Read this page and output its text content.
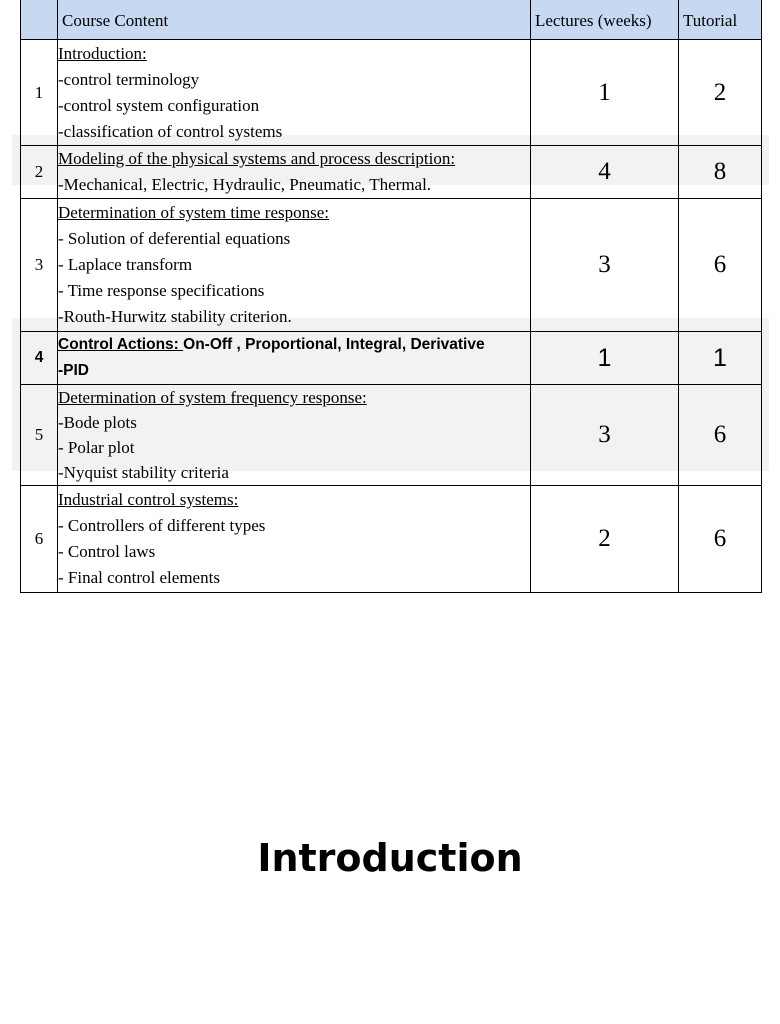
	Course Content	Lectures (weeks)	Tutorial

1	Introduction:
-control terminology
-control system configuration
-classification of control systems	1	2
2	Modeling of the physical systems and process description:
-Mechanical, Electric, Hydraulic, Pneumatic, Thermal.	4	8
3	Determination of system time response:
- Solution of deferential equations
- Laplace transform
- Time response specifications
-Routh-Hurwitz stability criterion.	3	6
4	Control Actions: On-Off , Proportional, Integral, Derivative
-PID	1	1
5	Determination of system frequency response:
-Bode plots
- Polar plot
-Nyquist stability criteria	3	6
6	Industrial control systems:
- Controllers of different types
- Control laws
- Final control elements	2	6
Introduction
